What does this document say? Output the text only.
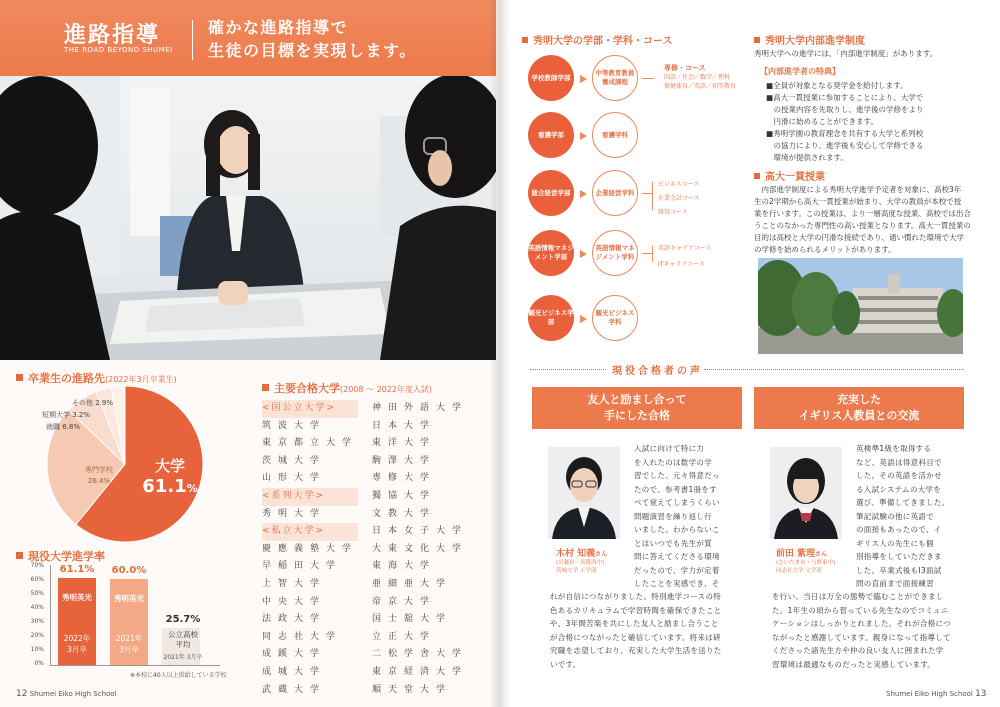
進路指導
THE ROAD BEYOND SHUMEI
確かな進路指導で
生徒の目標を実現します。
卒業生の進路先(2022年3月卒業生)
大学
61.1%
専門学校
26.4%
その他 2.9%
短期大学 3.2%
就職 6.8%
現役大学進学率
70%
60%
50%
40%
30%
20%
10%
0%
秀明英光
2022年
3月卒
61.1%
秀明英光
2021年
3月卒
60.0%
25.7%
公立高校
平均
2021年 3月卒
※本校に40人以上供給している学校
主要合格大学(2008 〜 2022年度入試)
<国公立大学>
筑波大学
東京都立大学
茨城大学
山形大学
<系列大学>
秀明大学
<私立大学>
慶應義塾大学
早稲田大学
上智大学
中央大学
法政大学
同志社大学
成蹊大学
成城大学
武蔵大学
神田外語大学
日本大学
東洋大学
駒澤大学
専修大学
獨協大学
文教大学
日本女子大学
大東文化大学
東海大学
亜細亜大学
帝京大学
国士舘大学
立正大学
二松学舎大学
東京経済大学
順天堂大学
12 Shumei Eiko High School
秀明大学の学部・学科・コース
学校教師学部
中等教育教員養成課程
専修・コース
国語／社会／数学／理科
保健体育／英語／初等教育
看護学部	看護学科
総合経営学部	企業経営学科
ビジネスコース
企業会計コース
経営コース
英語情報マネジメント学部
英語情報マネジメント学科
英語キャリアコース
ITキャリアコース
観光ビジネス学部
観光ビジネス学科
秀明大学内部進学制度
秀明大学への進学には、「内部進学制度」があります。
【内部進学者の特典】
■全員が対象となる奨学金を給付します。
■高大一貫授業に参加することにより、大学で
　の授業内容を先取りし、進学後の学修をより
　円滑に始めることができます。
■秀明学園の教育理念を共有する大学と系列校
　の協力により、進学後も安心して学修できる
　環境が提供されます。
高大一貫授業
　内部進学制度による秀明大学進学予定者を対象に、高校3年
生の2学期から高大一貫授業が始まり、大学の教員が本校で授
業を行います。この授業は、より一層高度な授業、高校では出合
うことのなかった専門性の高い授業となります。高大一貫授業の
目的は高校と大学の円滑な接続であり、通い慣れた環境で大学
の学修を始められるメリットがあります。
現役合格者の声
友人と励まし合って
手にした合格
木村 知義さん
(川越市・高階西中)
茨城大学 工学部
入試に向けて特に力
を入れたのは数学の学
習でした。元々得意だっ
たので、参考書1冊をす
べて覚えてしまうくらい
問題演習を繰り返し行
いました。わからないこ
とはいつでも先生が質
問に答えてくださる環境
だったので、学力が定着
したことを実感でき、そ
れが自信につながりました。特別進学コースの特
色あるカリキュラムで学習時間を確保できたこと
や、3年間苦楽を共にした友人と励まし合うこと
が合格につながったと確信しています。将来は研
究職を志望しており、充実した大学生活を送りた
いです。
充実した
イギリス人教員との交流
前田 紫理さん
(さいたま市・与野東中)
同志社大学 文学部
英検準1級を取得する
など、英語は得意科目で
した。その英語を活かせ
る入試システムの大学を
選び、準備してきました。
筆記試験の他に英語で
の面接もあったので、イ
ギリス人の先生にも個
別指導をしていただきま
した。卒業式後もI3面試
問の直前まで面接練習
を行い、当日は万全の態勢で臨むことができまし
た。1年生の頃から習っている先生なのでコミュニ
ケーションはしっかりとれました。それが合格につ
ながったと感謝しています。親身になって指導して
くださった諸先生方や仲の良い友人に囲まれた学
習環境は最適なものだったと実感しています。
Shumei Eiko High School 13
